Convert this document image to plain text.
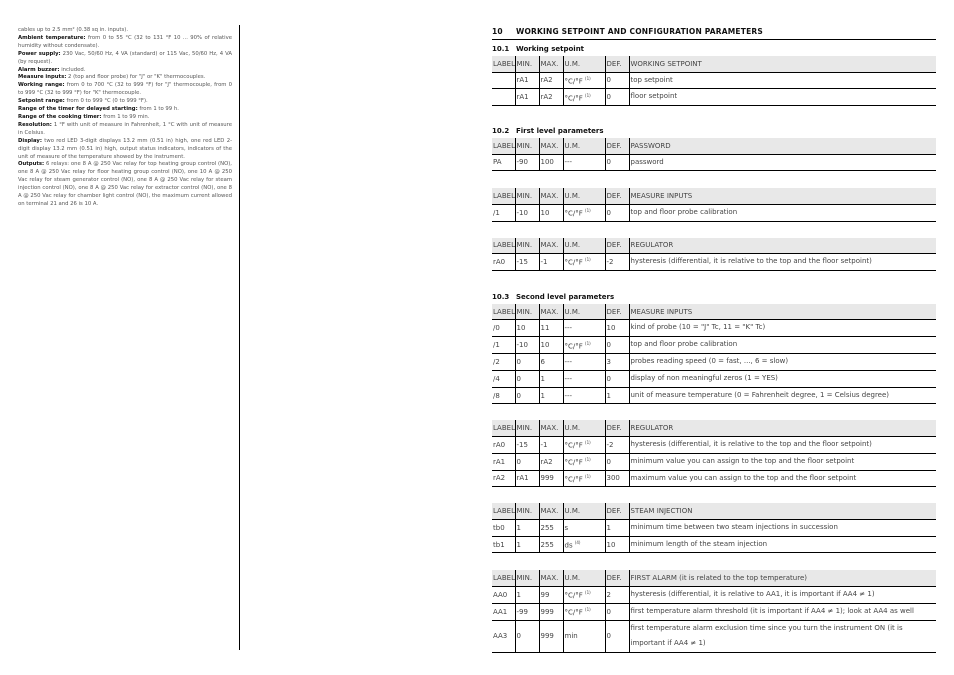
cables up to 2.5 mm² (0.38 sq in. inputs).

Ambient temperature: from 0 to 55 °C (32 to 131 °F 10 ... 90% of relative humidity without condensate).

Power supply: 230 Vac, 50/60 Hz, 4 VA (standard) or 115 Vac, 50/60 Hz, 4 VA (by request).

Alarm buzzer: included.

Measure inputs: 2 (top and floor probe) for "J" or "K" thermocouples.

Working range: from 0 to 700 °C (32 to 999 °F) for "J" thermocouple, from 0 to 999 °C (32 to 999 °F) for "K" thermocouple.

Setpoint range: from 0 to 999 °C (0 to 999 °F).

Range of the timer for delayed starting: from 1 to 99 h.

Range of the cooking timer: from 1 to 99 min.

Resolution: 1 °F with unit of measure in Fahrenheit, 1 °C with unit of measure in Celsius.

Display: two red LED 3-digit displays 13.2 mm (0.51 in) high, one red LED 2-digit display 13.2 mm (0.51 in) high, output status indicators, indicators of the unit of measure of the temperature showed by the instrument.

Outputs: 6 relays: one 8 A @ 250 Vac relay for top heating group control (NO), one 8 A @ 250 Vac relay for floor heating group control (NO), one 10 A @ 250 Vac relay for steam generator control (NO), one 8 A @ 250 Vac relay for steam injection control (NO), one 8 A @ 250 Vac relay for extractor control (NO), one 8 A @ 250 Vac relay for chamber light control (NO), the maximum current allowed on terminal 21 and 26 is 10 A.

10 WORKING SETPOINT AND CONFIGURATION PARAMETERS
10.1 Working setpoint
LABEL	MIN.	MAX.	U.M.	DEF.	WORKING SETPOINT
	rA1	rA2	°C/°F $^{(1)}$	0	top setpoint
	rA1	rA2	°C/°F $^{(1)}$	0	floor setpoint
10.2 First level parameters
LABEL	MIN.	MAX.	U.M.	DEF.	PASSWORD
PA	-90	100	---	0	password
LABEL	MIN.	MAX.	U.M.	DEF.	MEASURE INPUTS
/1	-10	10	°C/°F $^{(1)}$	0	top and floor probe calibration
LABEL	MIN.	MAX.	U.M.	DEF.	REGULATOR
rA0	-15	-1	°C/°F $^{(1)}$	-2	hysteresis (differential, it is relative to the top and the floor setpoint)
10.3 Second level parameters
LABEL	MIN.	MAX.	U.M.	DEF.	MEASURE INPUTS
/0	10	11	---	10	kind of probe (10 = "J" Tc, 11 = "K" Tc)
/1	-10	10	°C/°F $^{(1)}$	0	top and floor probe calibration
/2	0	6	---	3	probes reading speed (0 = fast, ..., 6 = slow)
/4	0	1	---	0	display of non meaningful zeros (1 = YES)
/8	0	1	---	1	unit of measure temperature (0 = Fahrenheit degree, 1 = Celsius degree)
LABEL	MIN.	MAX.	U.M.	DEF.	REGULATOR
rA0	-15	-1	°C/°F $^{(1)}$	-2	hysteresis (differential, it is relative to the top and the floor setpoint)
rA1	0	rA2	°C/°F $^{(1)}$	0	minimum value you can assign to the top and the floor setpoint
rA2	rA1	999	°C/°F $^{(1)}$	300	maximum value you can assign to the top and the floor setpoint
LABEL	MIN.	MAX.	U.M.	DEF.	STEAM INJECTION
tb0	1	255	s	1	minimum time between two steam injections in succession
tb1	1	255	ds $^{(4)}$	10	minimum length of the steam injection
LABEL	MIN.	MAX.	U.M.	DEF.	FIRST ALARM (it is related to the top temperature)
AA0	1	99	°C/°F $^{(1)}$	2	hysteresis (differential, it is relative to AA1, it is important if AA4 ≠ 1)
AA1	-99	999	°C/°F $^{(1)}$	0	first temperature alarm threshold (it is important if AA4 ≠ 1); look at AA4 as well
AA3	0	999	min	0	first temperature alarm exclusion time since you turn the instrument ON (it is important if AA4 ≠ 1)
